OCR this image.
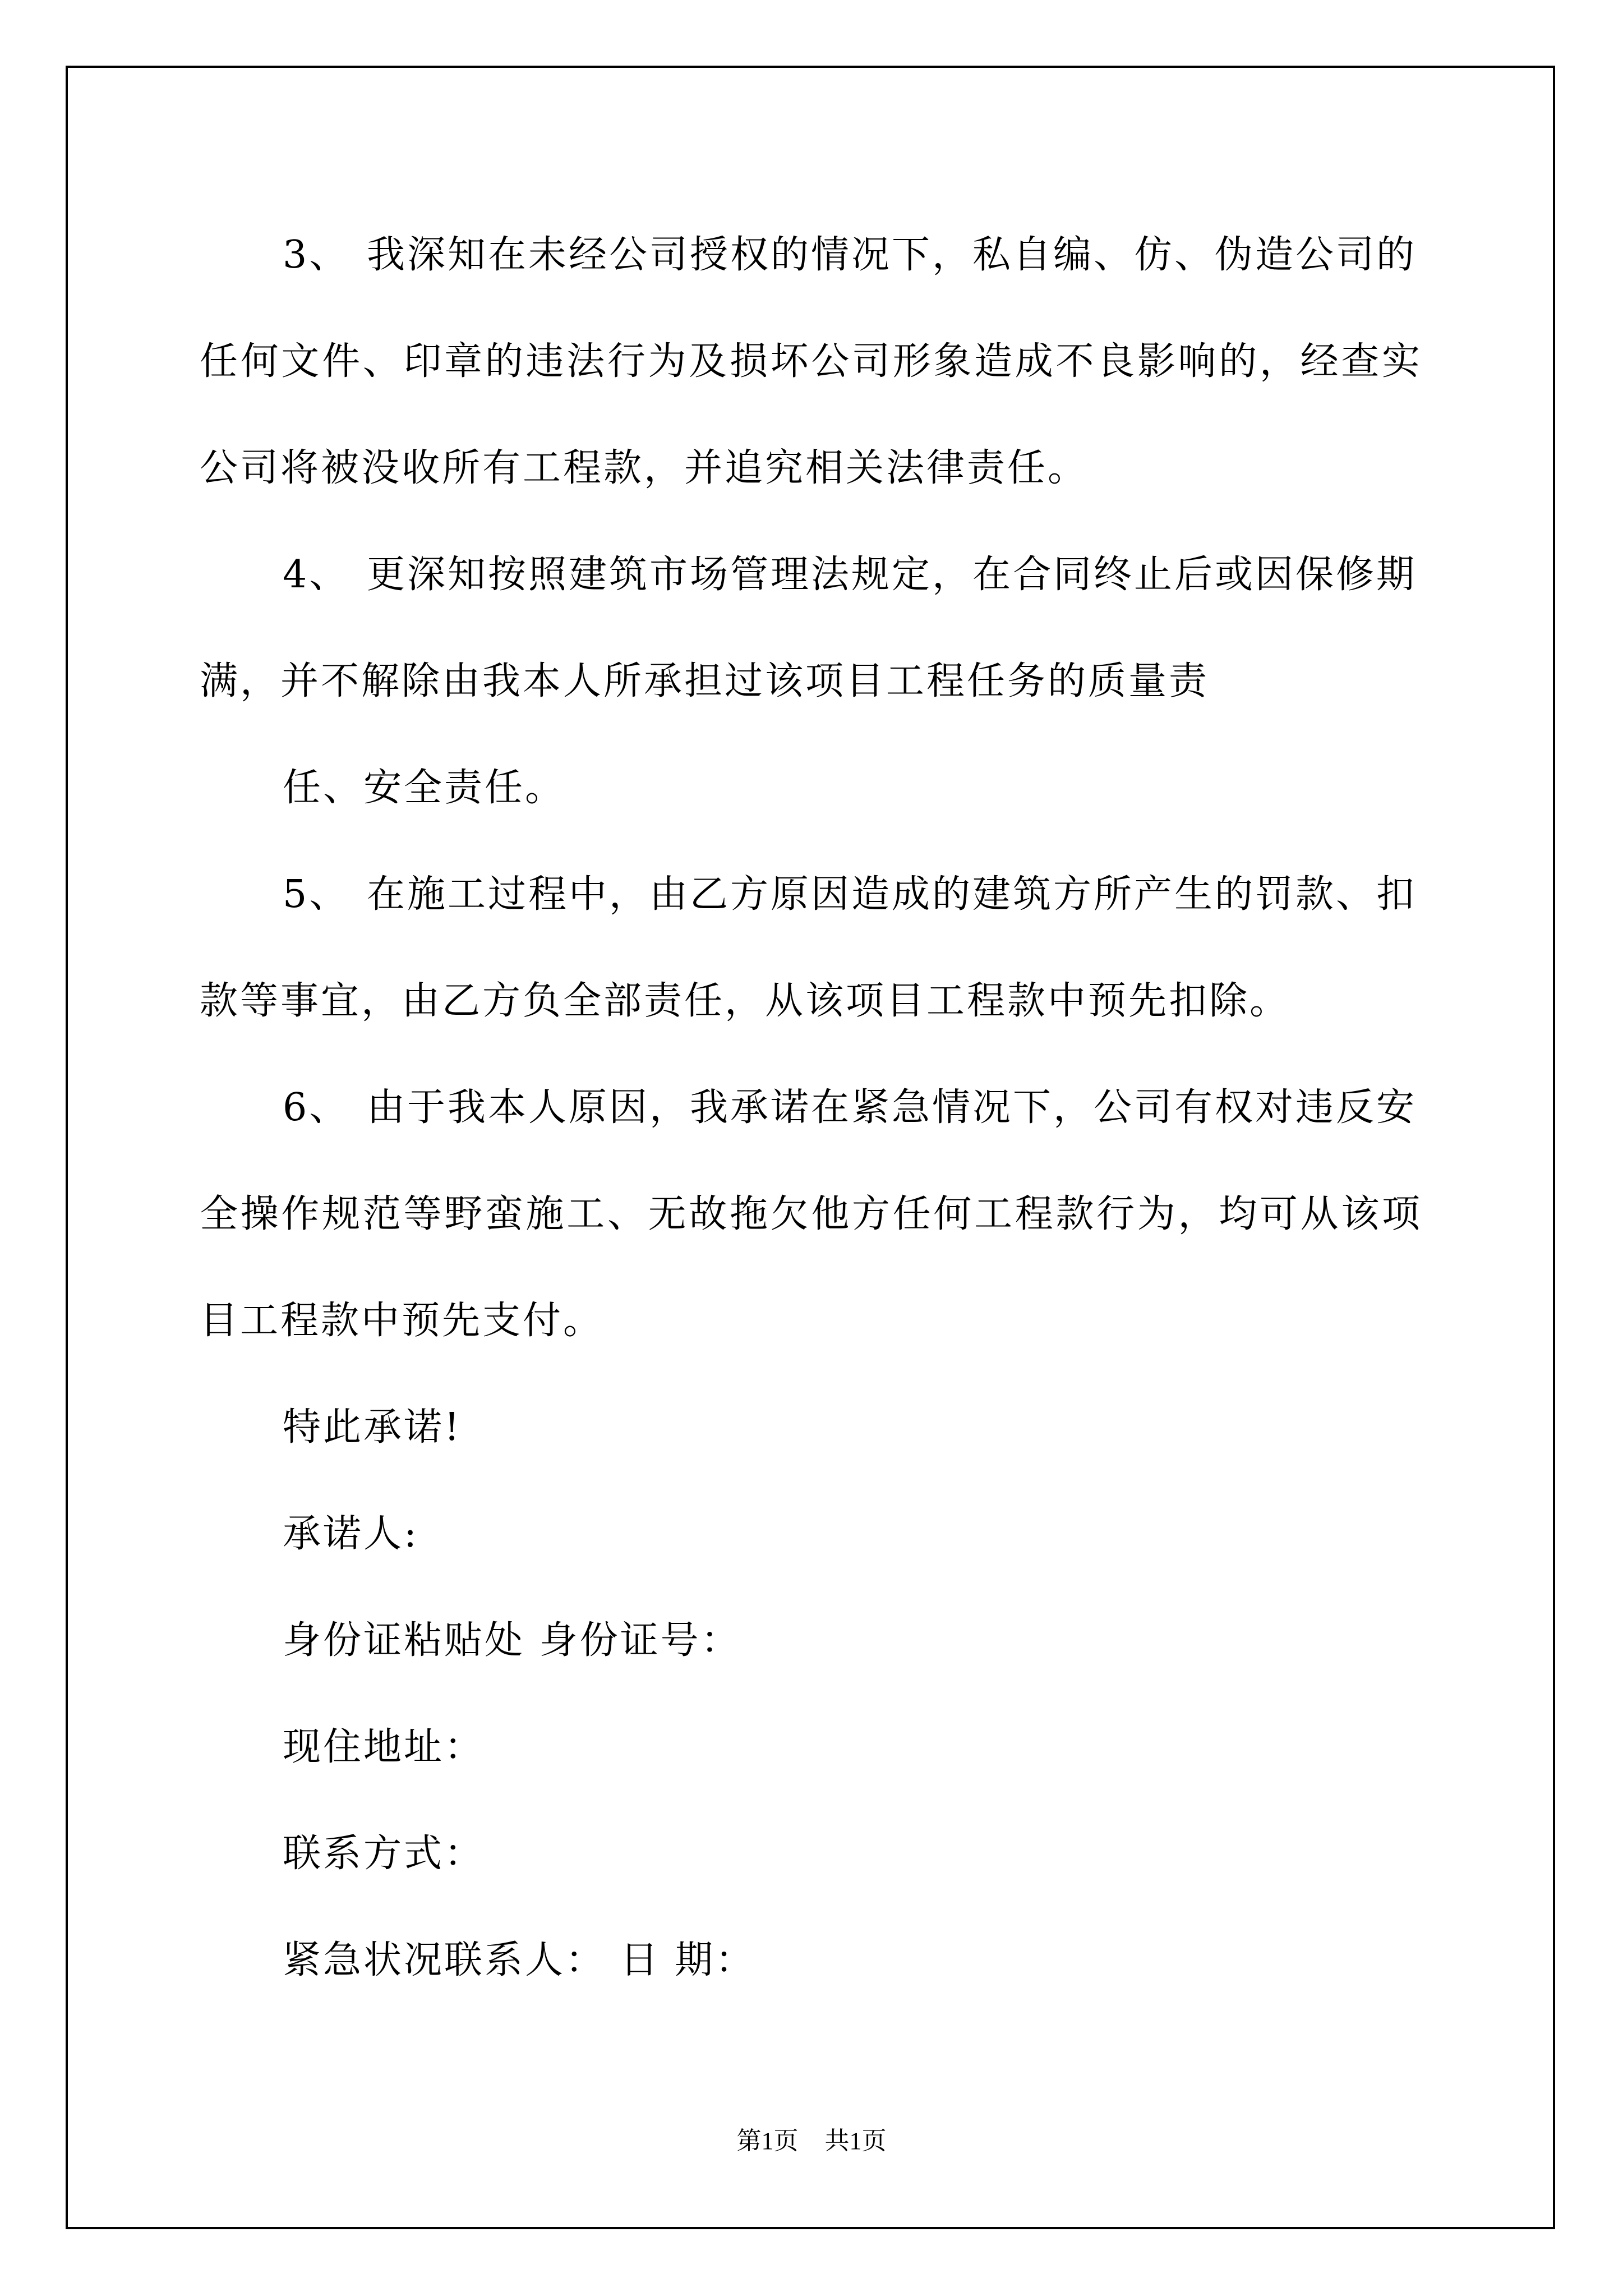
3、 我深知在未经公司授权的情况下，私自编、仿、伪造公司的
任何文件、印章的违法行为及损坏公司形象造成不良影响的，经查实
公司将被没收所有工程款，并追究相关法律责任。
4、 更深知按照建筑市场管理法规定，在合同终止后或因保修期
满，并不解除由我本人所承担过该项目工程任务的质量责
任、安全责任。
5、 在施工过程中，由乙方原因造成的建筑方所产生的罚款、扣
款等事宜，由乙方负全部责任，从该项目工程款中预先扣除。
6、 由于我本人原因，我承诺在紧急情况下，公司有权对违反安
全操作规范等野蛮施工、无故拖欠他方任何工程款行为，均可从该项
目工程款中预先支付。
特此承诺!
承诺人:
身份证粘贴处 身份证号：
现住地址：
联系方式：
紧急状况联系人： 日 期：
第1页 共1页
